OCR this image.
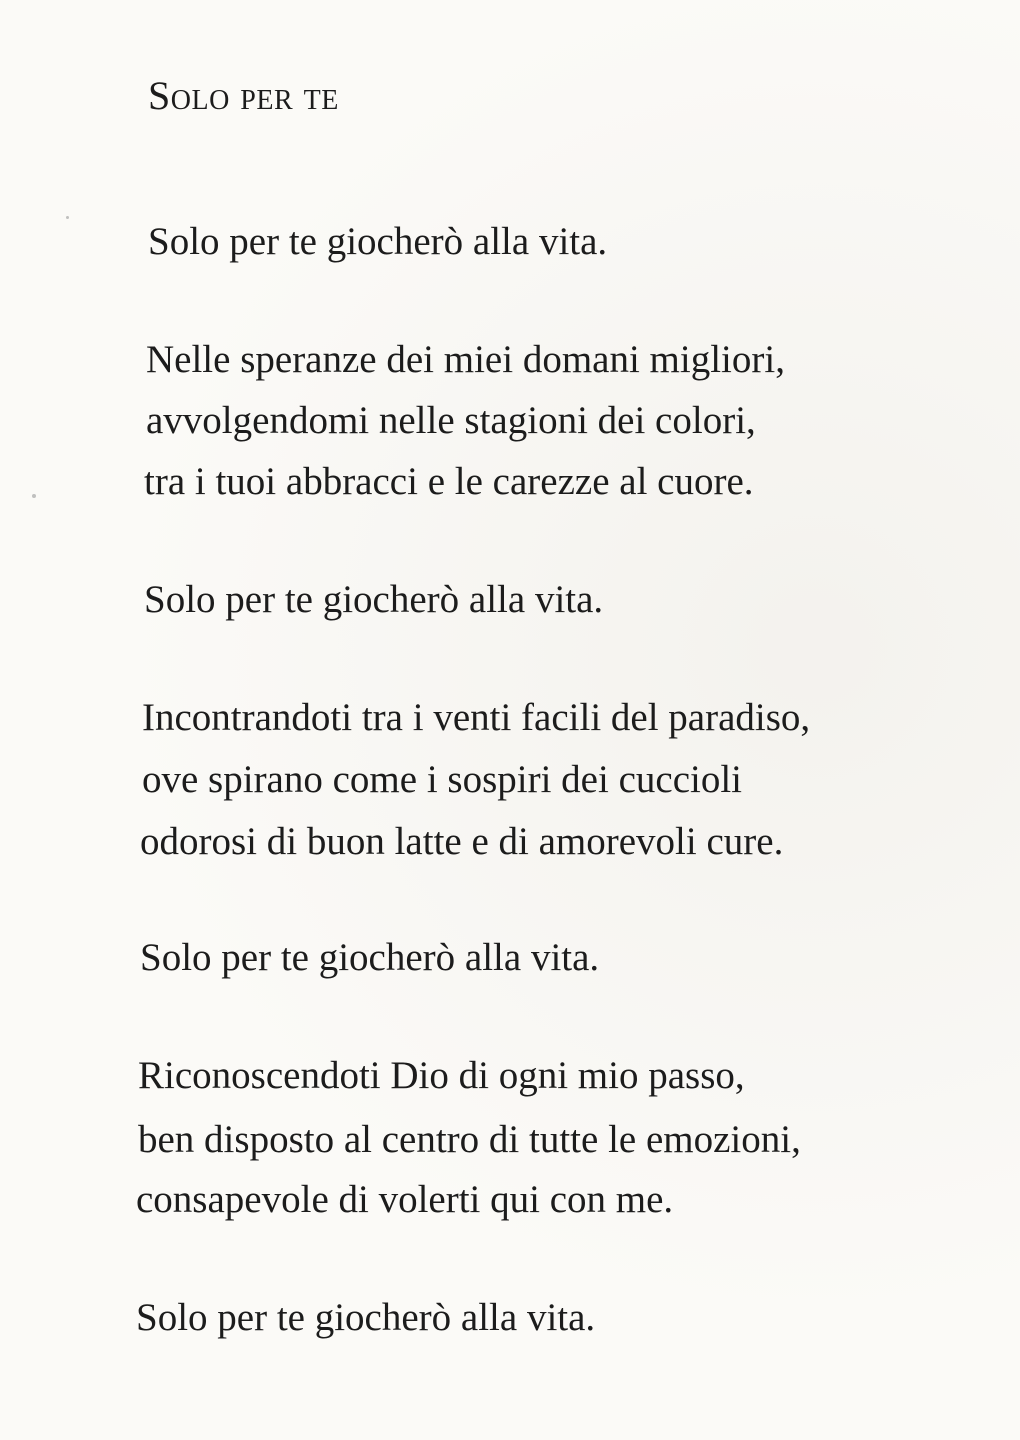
Solo per te
Solo per te giocherò alla vita.
Nelle speranze dei miei domani migliori,
avvolgendomi nelle stagioni dei colori,
tra i tuoi abbracci e le carezze al cuore.
Solo per te giocherò alla vita.
Incontrandoti tra i venti facili del paradiso,
ove spirano come i sospiri dei cuccioli
odorosi di buon latte e di amorevoli cure.
Solo per te giocherò alla vita.
Riconoscendoti Dio di ogni mio passo,
ben disposto al centro di tutte le emozioni,
consapevole di volerti qui con me.
Solo per te giocherò alla vita.
